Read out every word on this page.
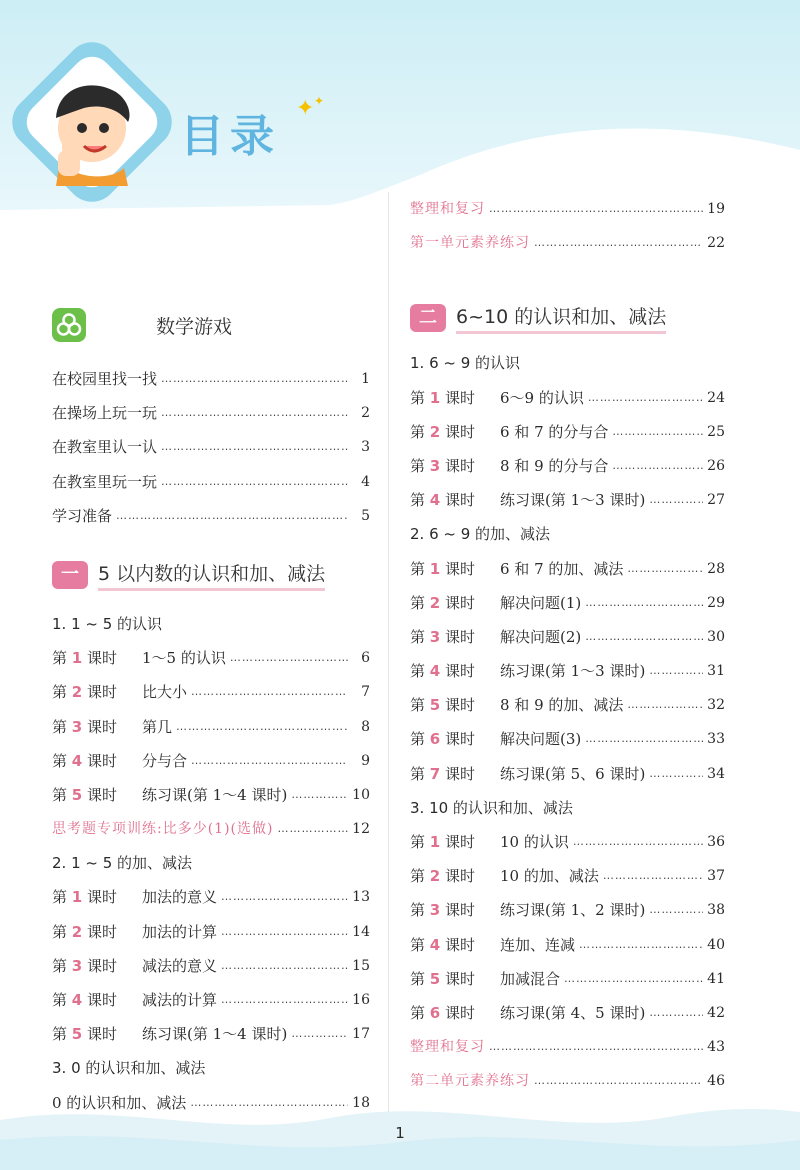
目录
✦ ✦
数学游戏
在校园里找一找 ……………………………………………………………………………………………………	1
在操场上玩一玩 ……………………………………………………………………………………………………	2
在教室里认一认 ……………………………………………………………………………………………………	3
在教室里玩一玩 ……………………………………………………………………………………………………	4
学习准备 ……………………………………………………………………………………………………	5
一	5 以内数的认识和加、减法
1. 1 ~ 5 的认识
第 1 课时 1～5 的认识 ……………………………………………………………………………………………………	6
第 2 课时 比大小 ……………………………………………………………………………………………………	7
第 3 课时 第几 ……………………………………………………………………………………………………	8
第 4 课时 分与合 ……………………………………………………………………………………………………	9
第 5 课时 练习课(第 1～4 课时) ……………………………………………………………………………………………………	10
思考题专项训练:比多少(1)(选做) ……………………………………………………………………………………………………	12
2. 1 ~ 5 的加、减法
第 1 课时 加法的意义 ……………………………………………………………………………………………………	13
第 2 课时 加法的计算 ……………………………………………………………………………………………………	14
第 3 课时 减法的意义 ……………………………………………………………………………………………………	15
第 4 课时 减法的计算 ……………………………………………………………………………………………………	16
第 5 课时 练习课(第 1～4 课时) ……………………………………………………………………………………………………	17
3. 0 的认识和加、减法
0 的认识和加、减法 ……………………………………………………………………………………………………	18
整理和复习 ……………………………………………………………………………………………………	19
第一单元素养练习 ……………………………………………………………………………………………………	22
二	6~10 的认识和加、减法
1. 6 ~ 9 的认识
第 1 课时 6～9 的认识 ……………………………………………………………………………………………………	24
第 2 课时 6 和 7 的分与合 ……………………………………………………………………………………………………	25
第 3 课时 8 和 9 的分与合 ……………………………………………………………………………………………………	26
第 4 课时 练习课(第 1～3 课时) ……………………………………………………………………………………………………	27
2. 6 ~ 9 的加、减法
第 1 课时 6 和 7 的加、减法 ……………………………………………………………………………………………………	28
第 2 课时 解决问题(1) ……………………………………………………………………………………………………	29
第 3 课时 解决问题(2) ……………………………………………………………………………………………………	30
第 4 课时 练习课(第 1～3 课时) ……………………………………………………………………………………………………	31
第 5 课时 8 和 9 的加、减法 ……………………………………………………………………………………………………	32
第 6 课时 解决问题(3) ……………………………………………………………………………………………………	33
第 7 课时 练习课(第 5、6 课时) ……………………………………………………………………………………………………	34
3. 10 的认识和加、减法
第 1 课时 10 的认识 ……………………………………………………………………………………………………	36
第 2 课时 10 的加、减法 ……………………………………………………………………………………………………	37
第 3 课时 练习课(第 1、2 课时) ……………………………………………………………………………………………………	38
第 4 课时 连加、连减 ……………………………………………………………………………………………………	40
第 5 课时 加减混合 ……………………………………………………………………………………………………	41
第 6 课时 练习课(第 4、5 课时) ……………………………………………………………………………………………………	42
整理和复习 ……………………………………………………………………………………………………	43
第二单元素养练习 ……………………………………………………………………………………………………	46
1
